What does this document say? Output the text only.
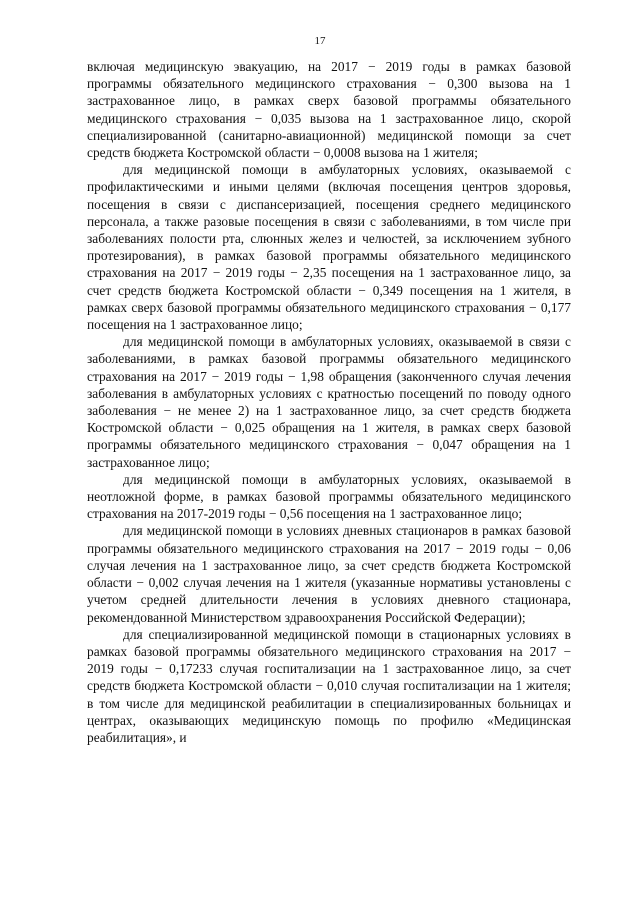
17

включая медицинскую эвакуацию, на 2017 − 2019 годы в рамках базовой программы обязательного медицинского страхования − 0,300 вызова на 1 застрахованное лицо, в рамках сверх базовой программы обязательного медицинского страхования − 0,035 вызова на 1 застрахованное лицо, скорой специализированной (санитарно-авиационной) медицинской помощи за счет средств бюджета Костромской области − 0,0008 вызова на 1 жителя;

для медицинской помощи в амбулаторных условиях, оказываемой с профилактическими и иными целями (включая посещения центров здоровья, посещения в связи с диспансеризацией, посещения среднего медицинского персонала, а также разовые посещения в связи с заболеваниями, в том числе при заболеваниях полости рта, слюнных желез и челюстей, за исключением зубного протезирования), в рамках базовой программы обязательного медицинского страхования на 2017 − 2019 годы − 2,35 посещения на 1 застрахованное лицо, за счет средств бюджета Костромской области − 0,349 посещения на 1 жителя, в рамках сверх базовой программы обязательного медицинского страхования − 0,177 посещения на 1 застрахованное лицо;

для медицинской помощи в амбулаторных условиях, оказываемой в связи с заболеваниями, в рамках базовой программы обязательного медицинского страхования на 2017 − 2019 годы − 1,98 обращения (законченного случая лечения заболевания в амбулаторных условиях с кратностью посещений по поводу одного заболевания − не менее 2) на 1 застрахованное лицо, за счет средств бюджета Костромской области − 0,025 обращения на 1 жителя, в рамках сверх базовой программы обязательного медицинского страхования − 0,047 обращения на 1 застрахованное лицо;

для медицинской помощи в амбулаторных условиях, оказываемой в неотложной форме, в рамках базовой программы обязательного медицинского страхования на 2017-2019 годы − 0,56 посещения на 1 застрахованное лицо;

для медицинской помощи в условиях дневных стационаров в рамках базовой программы обязательного медицинского страхования на 2017 − 2019 годы − 0,06 случая лечения на 1 застрахованное лицо, за счет средств бюджета Костромской области − 0,002 случая лечения на 1 жителя (указанные нормативы установлены с учетом средней длительности лечения в условиях дневного стационара, рекомендованной Министерством здравоохранения Российской Федерации);

для специализированной медицинской помощи в стационарных условиях в рамках базовой программы обязательного медицинского страхования на 2017 − 2019 годы − 0,17233 случая госпитализации на 1 застрахованное лицо, за счет средств бюджета Костромской области − 0,010 случая госпитализации на 1 жителя; в том числе для медицинской реабилитации в специализированных больницах и центрах, оказывающих медицинскую помощь по профилю «Медицинская реабилитация», и
